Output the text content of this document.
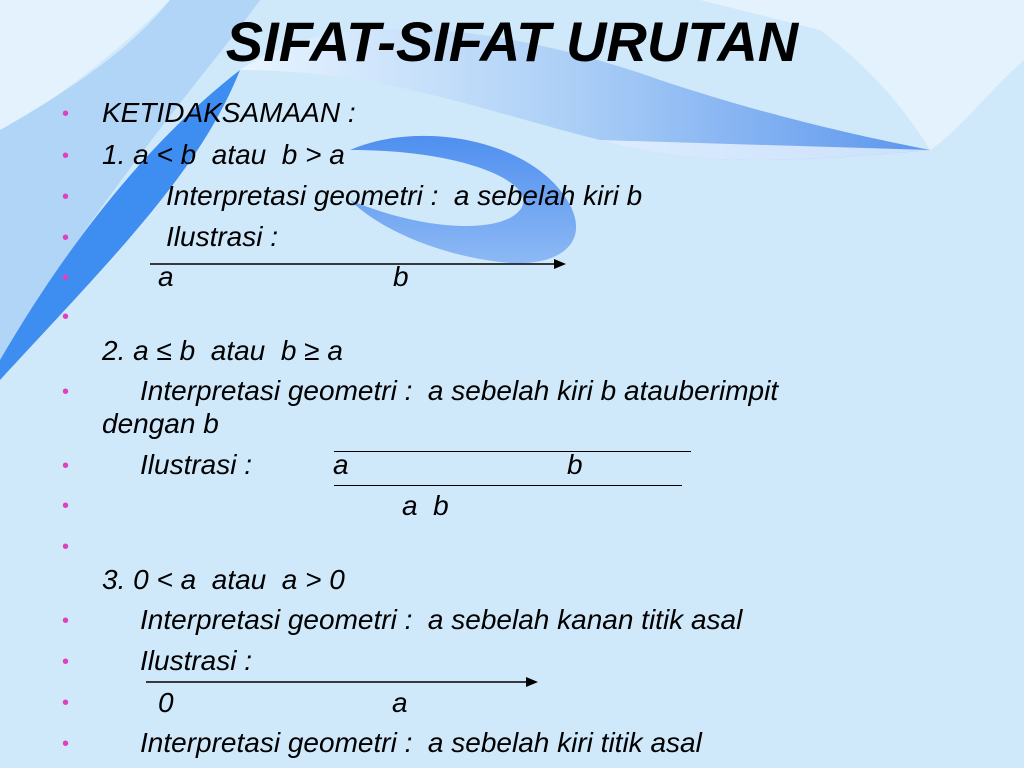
SIFAT-SIFAT URUTAN
•
•
•
•
•
•
•
•
•
•
•
•
•
•
KETIDAKSAMAAN :
1. a < b  atau  b > a
Interpretasi geometri :  a sebelah kiri b
Ilustrasi :
a	b
2. a ≤ b  atau  b ≥ a
Interpretasi geometri :  a sebelah kiri b atauberimpit
dengan b
Ilustrasi :	a	b
a  b
3. 0 < a  atau  a > 0
Interpretasi geometri :  a sebelah kanan titik asal
Ilustrasi :
0	a
Interpretasi geometri :  a sebelah kiri titik asal
